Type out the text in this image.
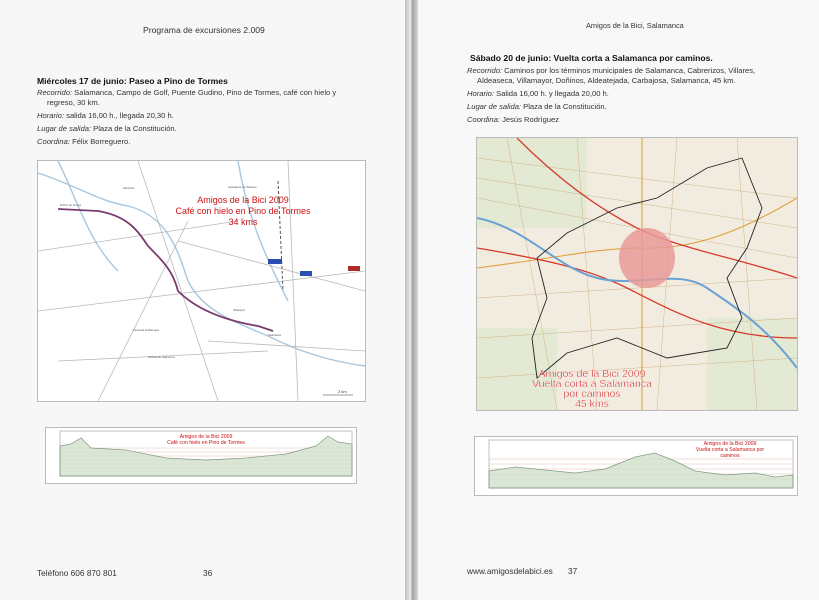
Programa de excursiones 2.009
Miércoles 17 de junio: Paseo a Pino de Tormes
Recorrido: Salamanca, Campo de Golf, Puente Gudino, Pino de Tormes, café con hielo y
regreso, 30 km.
Horario: salida 16,00 h., llegada 20,30 h.
Lugar de salida: Plaza de la Constitución.
Coordina: Félix Borreguero.
Valverdon
El Pino de Tormes
Castellanos de Villiquera
Carrascal de Barregas
Doñinos de Salamanca
Villamayor
Salamanca
Amigos de la Bici 2009
Café con hielo en Pino de Tormes
34 kms
2 km
Amigos de la Bici 2009
Café con hielo en Pino de Tormes
Teléfono 606 870 801	36
Amigos de la Bici, Salamanca
Sábado 20 de junio: Vuelta corta a Salamanca por caminos.
Recorrido: Caminos por los términos municipales de Salamanca, Cabrerizos, Villares,
Aldeaseca, Villamayor, Doñinos, Aldeatejada, Carbajosa, Salamanca, 45 km.
Horario: Salida 16,00 h. y llegada 20,00 h.
Lugar de salida: Plaza de la Constitución.
Coordina: Jesús Rodríguez
Amigos de la Bici 2009
Vuelta corta a Salamanca
por caminos
45 kms
Amigos de la Bici 2009
Vuelta corta a Salamanca por
caminos
www.amigosdelabici.es 37
